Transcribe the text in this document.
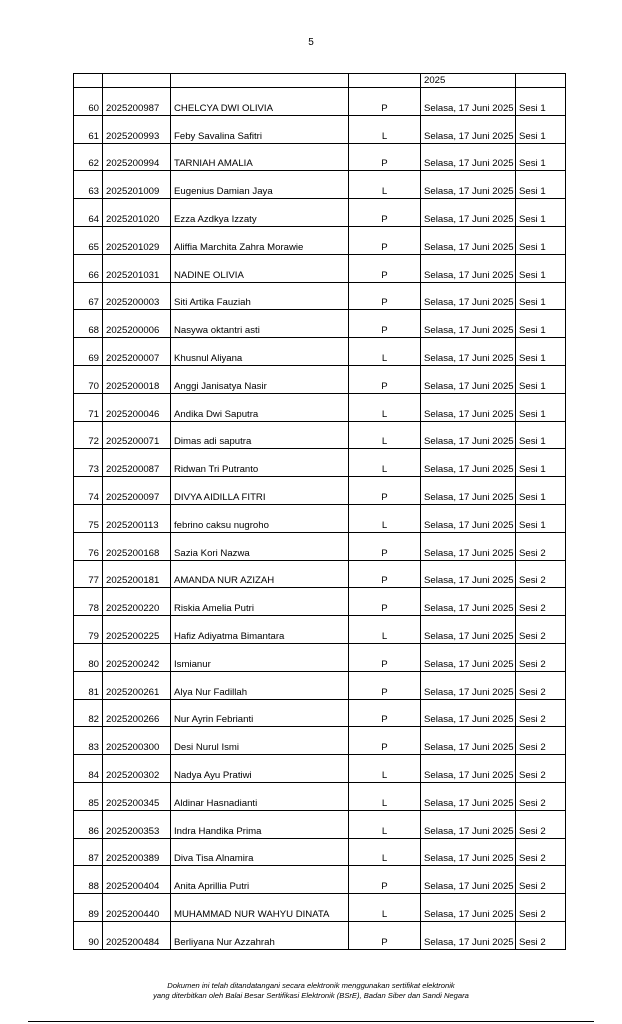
5
				2025	
60	2025200987	CHELCYA DWI OLIVIA	P	Selasa, 17 Juni 2025	Sesi 1
61	2025200993	Feby Savalina Safitri	L	Selasa, 17 Juni 2025	Sesi 1
62	2025200994	TARNIAH AMALIA	P	Selasa, 17 Juni 2025	Sesi 1
63	2025201009	Eugenius Damian Jaya	L	Selasa, 17 Juni 2025	Sesi 1
64	2025201020	Ezza Azdkya Izzaty	P	Selasa, 17 Juni 2025	Sesi 1
65	2025201029	Aliffia Marchita Zahra Morawie	P	Selasa, 17 Juni 2025	Sesi 1
66	2025201031	NADINE OLIVIA	P	Selasa, 17 Juni 2025	Sesi 1
67	2025200003	Siti Artika Fauziah	P	Selasa, 17 Juni 2025	Sesi 1
68	2025200006	Nasywa oktantri asti	P	Selasa, 17 Juni 2025	Sesi 1
69	2025200007	Khusnul Aliyana	L	Selasa, 17 Juni 2025	Sesi 1
70	2025200018	Anggi Janisatya Nasir	P	Selasa, 17 Juni 2025	Sesi 1
71	2025200046	Andika Dwi Saputra	L	Selasa, 17 Juni 2025	Sesi 1
72	2025200071	Dimas adi saputra	L	Selasa, 17 Juni 2025	Sesi 1
73	2025200087	Ridwan Tri Putranto	L	Selasa, 17 Juni 2025	Sesi 1
74	2025200097	DIVYA AIDILLA FITRI	P	Selasa, 17 Juni 2025	Sesi 1
75	2025200113	febrino caksu nugroho	L	Selasa, 17 Juni 2025	Sesi 1
76	2025200168	Sazia Kori Nazwa	P	Selasa, 17 Juni 2025	Sesi 2
77	2025200181	AMANDA NUR AZIZAH	P	Selasa, 17 Juni 2025	Sesi 2
78	2025200220	Riskia Amelia Putri	P	Selasa, 17 Juni 2025	Sesi 2
79	2025200225	Hafiz Adiyatma Bimantara	L	Selasa, 17 Juni 2025	Sesi 2
80	2025200242	Ismianur	P	Selasa, 17 Juni 2025	Sesi 2
81	2025200261	Alya Nur Fadillah	P	Selasa, 17 Juni 2025	Sesi 2
82	2025200266	Nur Ayrin Febrianti	P	Selasa, 17 Juni 2025	Sesi 2
83	2025200300	Desi Nurul Ismi	P	Selasa, 17 Juni 2025	Sesi 2
84	2025200302	Nadya Ayu Pratiwi	L	Selasa, 17 Juni 2025	Sesi 2
85	2025200345	Aldinar Hasnadianti	L	Selasa, 17 Juni 2025	Sesi 2
86	2025200353	Indra Handika Prima	L	Selasa, 17 Juni 2025	Sesi 2
87	2025200389	Diva Tisa Alnamira	L	Selasa, 17 Juni 2025	Sesi 2
88	2025200404	Anita Aprillia Putri	P	Selasa, 17 Juni 2025	Sesi 2
89	2025200440	MUHAMMAD NUR WAHYU DINATA	L	Selasa, 17 Juni 2025	Sesi 2
90	2025200484	Berliyana Nur Azzahrah	P	Selasa, 17 Juni 2025	Sesi 2
Dokumen ini telah ditandatangani secara elektronik menggunakan sertifikat elektronik
yang diterbitkan oleh Balai Besar Sertifikasi Elektronik (BSrE), Badan Siber dan Sandi Negara
